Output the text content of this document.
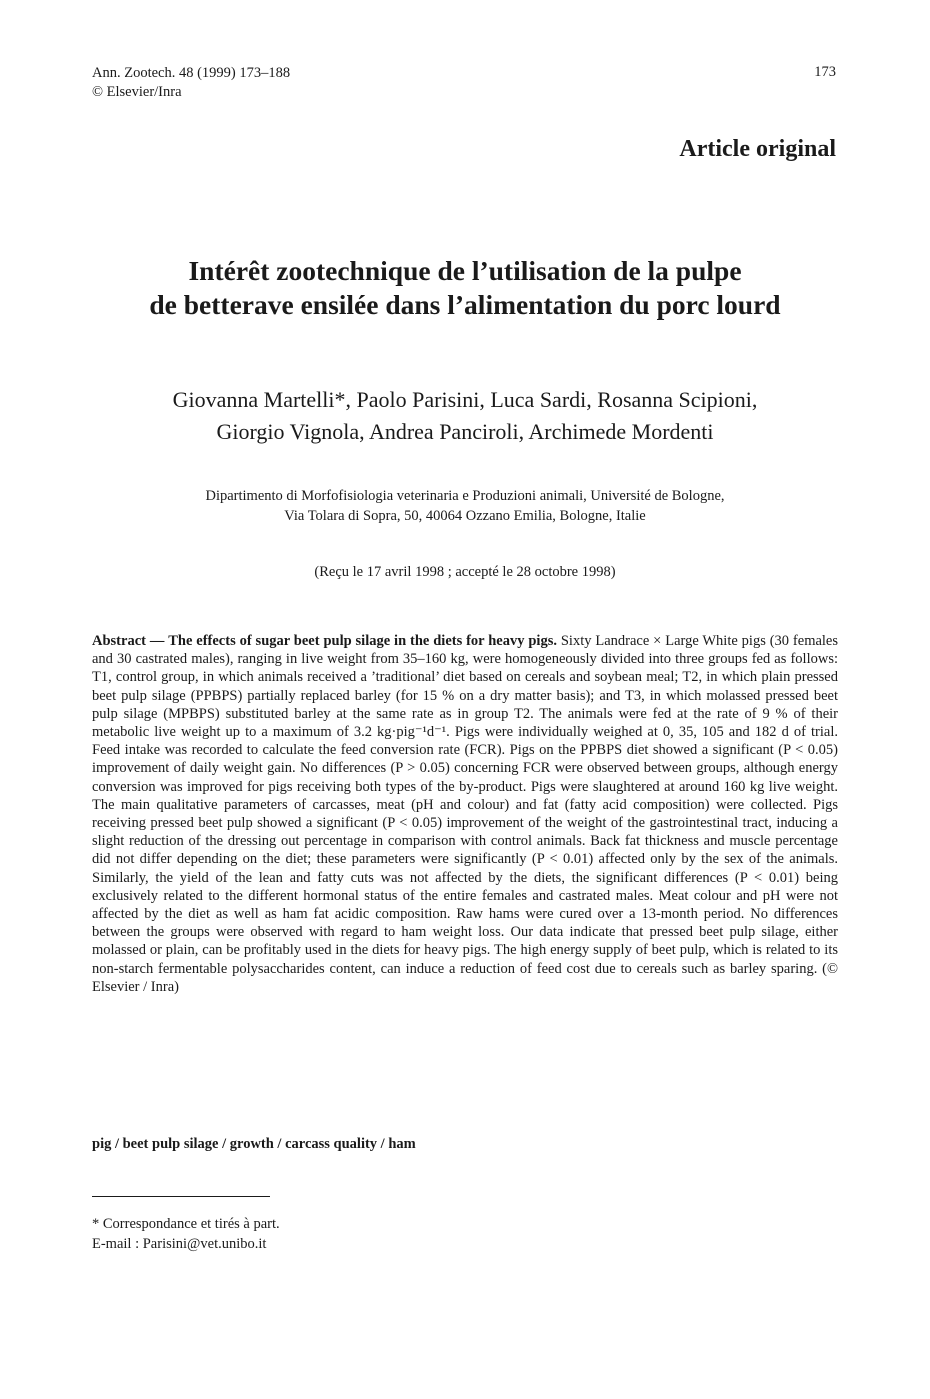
Ann. Zootech. 48 (1999) 173–188
© Elsevier/Inra
173
Article original
Intérêt zootechnique de l’utilisation de la pulpe
de betterave ensilée dans l’alimentation du porc lourd
Giovanna Martelli*, Paolo Parisini, Luca Sardi, Rosanna Scipioni,
Giorgio Vignola, Andrea Panciroli, Archimede Mordenti
Dipartimento di Morfofisiologia veterinaria e Produzioni animali, Université de Bologne,
Via Tolara di Sopra, 50, 40064 Ozzano Emilia, Bologne, Italie
(Reçu le 17 avril 1998 ; accepté le 28 octobre 1998)
Abstract — The effects of sugar beet pulp silage in the diets for heavy pigs. Sixty Landrace × Large White pigs (30 females and 30 castrated males), ranging in live weight from 35–160 kg, were homogeneously divided into three groups fed as follows: T1, control group, in which animals received a ’traditional’ diet based on cereals and soybean meal; T2, in which plain pressed beet pulp silage (PPBPS) partially replaced barley (for 15 % on a dry matter basis); and T3, in which molassed pressed beet pulp silage (MPBPS) substituted barley at the same rate as in group T2. The animals were fed at the rate of 9 % of their metabolic live weight up to a maximum of 3.2 kg·pig⁻¹d⁻¹. Pigs were individually weighed at 0, 35, 105 and 182 d of trial. Feed intake was recorded to calculate the feed conversion rate (FCR). Pigs on the PPBPS diet showed a significant (P < 0.05) improvement of daily weight gain. No differences (P > 0.05) concerning FCR were observed between groups, although energy conversion was improved for pigs receiving both types of the by-product. Pigs were slaughtered at around 160 kg live weight. The main qualitative parameters of carcasses, meat (pH and colour) and fat (fatty acid composition) were collected. Pigs receiving pressed beet pulp showed a significant (P < 0.05) improvement of the weight of the gastrointestinal tract, inducing a slight reduction of the dressing out percentage in comparison with control animals. Back fat thickness and muscle percentage did not differ depending on the diet; these parameters were significantly (P < 0.01) affected only by the sex of the animals. Similarly, the yield of the lean and fatty cuts was not affected by the diets, the significant differences (P < 0.01) being exclusively related to the different hormonal status of the entire females and castrated males. Meat colour and pH were not affected by the diet as well as ham fat acidic composition. Raw hams were cured over a 13-month period. No differences between the groups were observed with regard to ham weight loss. Our data indicate that pressed beet pulp silage, either molassed or plain, can be profitably used in the diets for heavy pigs. The high energy supply of beet pulp, which is related to its non-starch fermentable polysaccharides content, can induce a reduction of feed cost due to cereals such as barley sparing. (© Elsevier / Inra)
pig / beet pulp silage / growth / carcass quality / ham
* Correspondance et tirés à part.
E-mail : Parisini@vet.unibo.it
